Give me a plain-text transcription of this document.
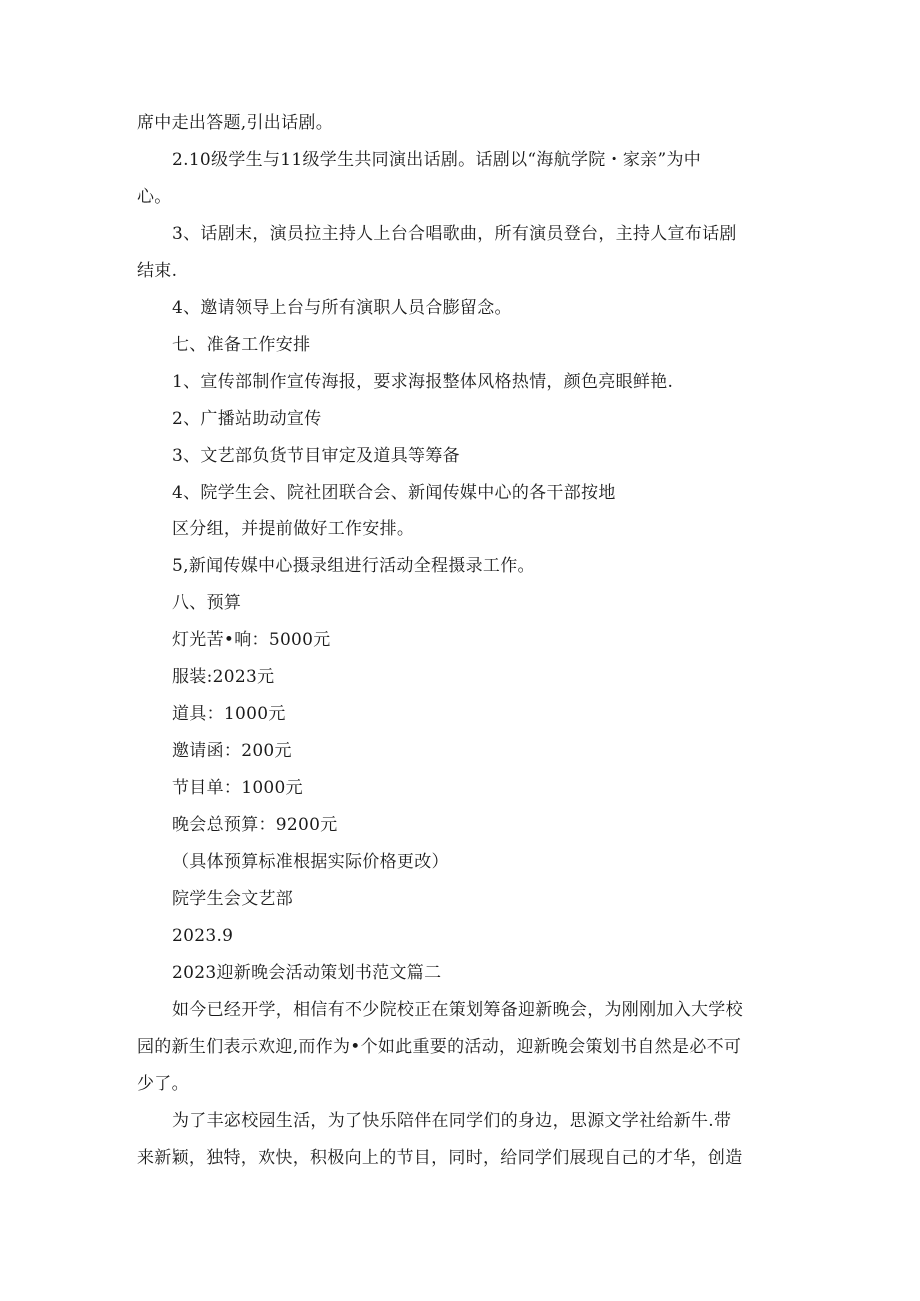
席中走出答题,引出话剧。
2.10级学生与11级学生共同演出话剧。话剧以“海航学院・家亲”为中
心。
3、话剧末，演员拉主持人上台合唱歌曲，所有演员登台，主持人宣布话剧
结束.
4、邀请领导上台与所有演职人员合膨留念。
七、准备工作安排
1、宣传部制作宣传海报，要求海报整体风格热情，颜色亮眼鲜艳.
2、广播站助动宣传
3、文艺部负货节目审定及道具等筹备
4、院学生会、院社团联合会、新闻传媒中心的各干部按地
区分组，并提前做好工作安排。
5,新闻传媒中心摄录组进行活动全程摄录工作。
八、预算
灯光苦•响：5000元
服装:2023元
道具：1000元
邀请函：200元
节目单：1000元
晚会总预算：9200元
（具体预算标准根据实际价格更改）
院学生会文艺部
2023.9
2023迎新晚会活动策划书范文篇二
如今已经开学，相信有不少院校正在策划筹备迎新晚会，为刚刚加入大学校
园的新生们表示欢迎,而作为•个如此重要的活动，迎新晚会策划书自然是必不可
少了。
为了丰宓校园生活，为了快乐陪伴在同学们的身边，思源文学社给新牛.带
来新颖，独特，欢快，积极向上的节目，同时，给同学们展现自己的才华，创造
